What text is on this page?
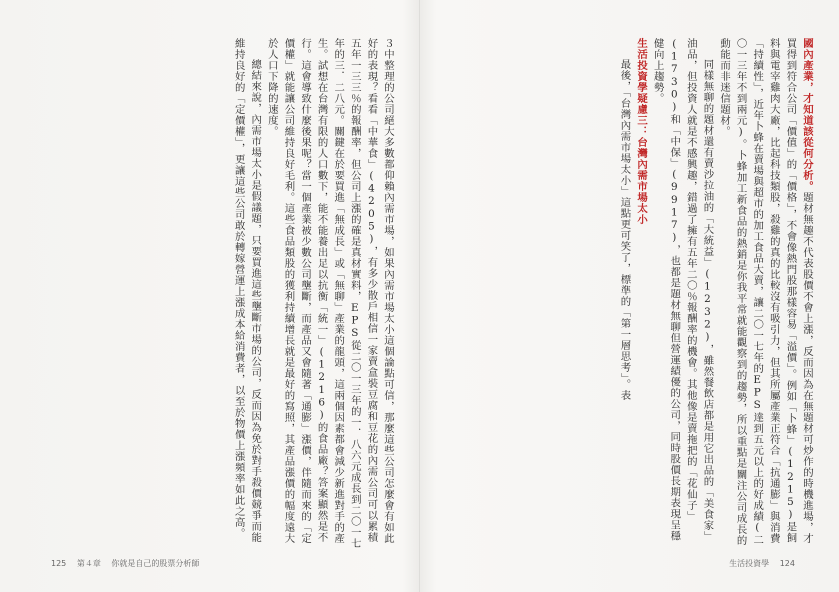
國內產業，才知道該從何分析。題材無趣不代表股價不會上漲，反而因為在無題材可炒作的時機進場，才買得到符合公司「價值」的「價格」，不會像熱門股那樣容易「溢價」。例如「卜蜂」(1215)是飼料與電宰雞肉大廠，比起科技類股，殺雞的真的比較沒有吸引力，但其所屬產業正符合「抗通膨」與消費「持續性」，近年卜蜂在賣場與超市的加工食品大賣，讓二〇一七年的EPS達到五元以上的好成績(二〇一三年不到兩元)。卜蜂加工新食品的熱銷是你我平常就能觀察到的趨勢，所以重點是關注公司成長的動能而非迷信題材。

同樣無聊的題材還有賣沙拉油的「大統益」(1232)，雖然餐飲店都是用它出品的「美食家」油品，但投資人就是不感興趣，錯過了擁有五年二〇％報酬率的機會。其他像是賣拖把的「花仙子」(1730)和「中保」(9917)，也都是題材無聊但營運績優的公司，同時股價長期表現呈穩健向上趨勢。

生活投資學疑慮三：台灣內需市場太小

最後，「台灣內需市場太小」這點更可笑了，標準的「第一層思考」。表

３中整理的公司絕大多數都仰賴內需市場，如果內需市場太小這個論點可信，那麼這些公司怎麼會有如此好的表現？看看「中華食」(4205)，有多少散戶相信一家賣盒裝豆腐和豆花的內需公司可以累積五年一三三％的報酬率，但公司上漲的確是真材實料，EPS從二〇一三年的一．八六元成長到二〇一七年的三．二八元。關鍵在於要買進「無成長」或「無聊」產業的龍頭，這兩個因素都會減少新進對手的產生。試想在台灣有限的人口數下，能不能養出足以抗衡「統一」(1216)的食品廠？答案顯然是不行。這會導致什麼後果呢？當一個產業被少數公司壟斷，而產品又會隨著「通膨」漲價，伴隨而來的「定價權」就能讓公司維持良好毛利。這些食品類股的獲利持續增長就是最好的寫照，其產品漲價的幅度遠大於人口下降的速度。

總結來說，內需市場太小是假議題，只要買進這些壟斷市場的公司，反而因為免於對手殺價競爭而能維持良好的「定價權」，更讓這些公司敢於轉嫁營運上漲成本給消費者，以至於物價上漲頻率如此之高。

125 第４章 你就是自己的股票分析師	生活投資學 124
